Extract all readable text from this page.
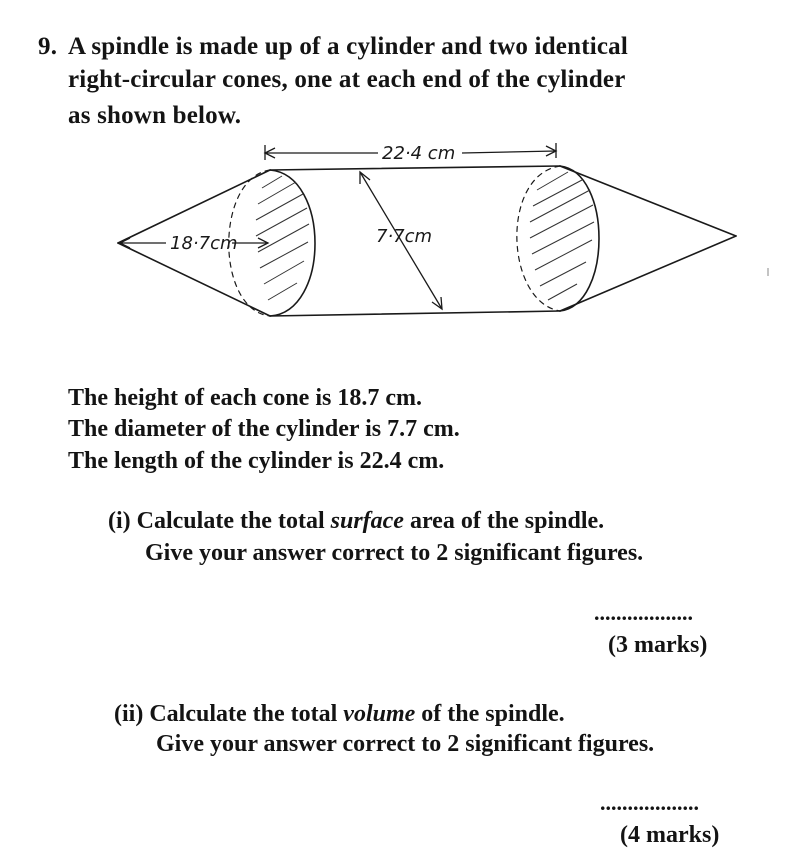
9. A spindle is made up of a cylinder and two identical
right-circular cones, one at each end of the cylinder
as shown below.
22·4 cm
7·7cm
18·7cm
The height of each cone is 18.7 cm.
The diameter of the cylinder is 7.7 cm.
The length of the cylinder is 22.4 cm.
(i) Calculate the total surface area of the spindle.
Give your answer correct to 2 significant figures.
..................
(3 marks)
(ii) Calculate the total volume of the spindle.
Give your answer correct to 2 significant figures.
..................
(4 marks)
